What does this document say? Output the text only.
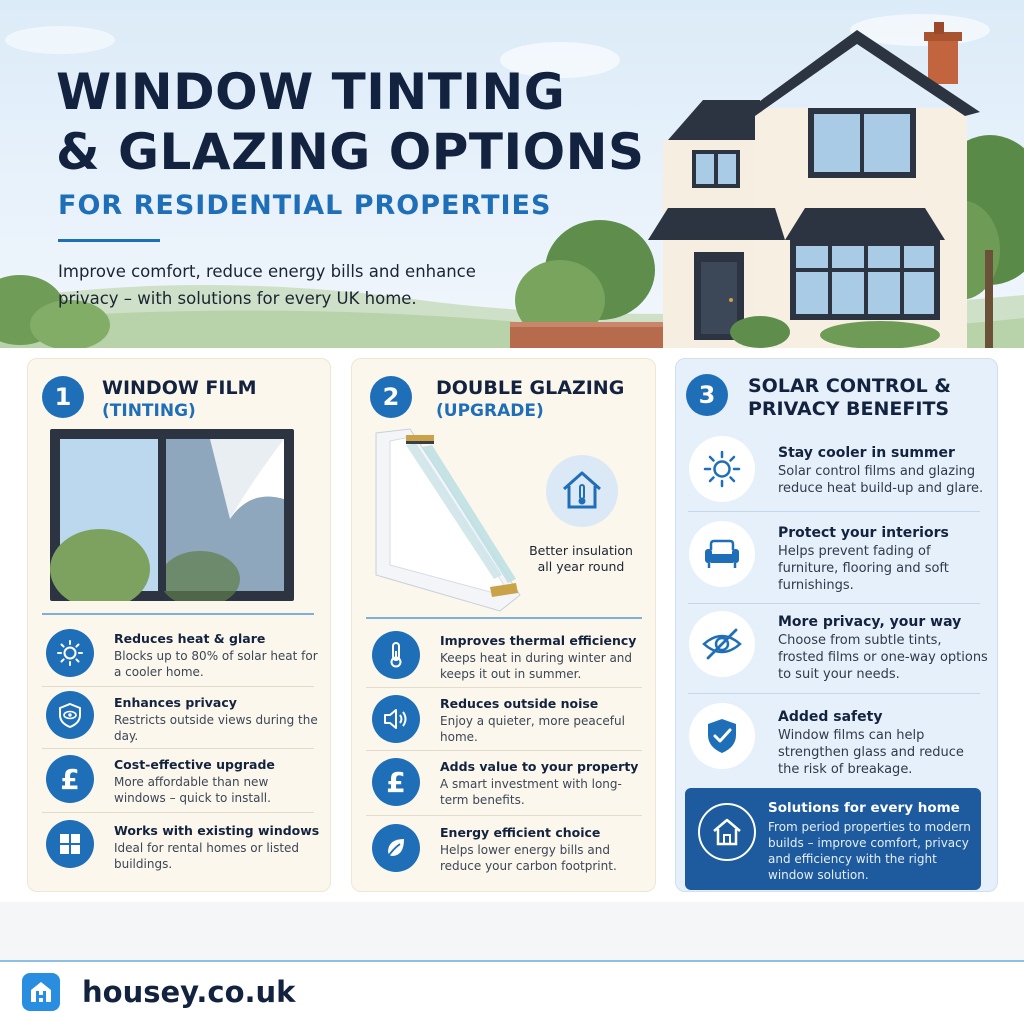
WINDOW TINTING
& GLAZING OPTIONS
FOR RESIDENTIAL PROPERTIES
Improve comfort, reduce energy bills and enhance privacy – with solutions for every UK home.
1	WINDOW FILM
(TINTING)
Reduces heat & glare
Blocks up to 80% of solar heat for a cooler home.
Enhances privacy
Restricts outside views during the day.
£	Cost-effective upgrade
More affordable than new windows – quick to install.
Works with existing windows
Ideal for rental homes or listed buildings.
2	DOUBLE GLAZING
(UPGRADE)
Better insulation all year round
Improves thermal efficiency
Keeps heat in during winter and keeps it out in summer.
Reduces outside noise
Enjoy a quieter, more peaceful home.
£	Adds value to your property
A smart investment with long-term benefits.
Energy efficient choice
Helps lower energy bills and reduce your carbon footprint.
3	SOLAR CONTROL &
PRIVACY BENEFITS
Stay cooler in summer
Solar control films and glazing reduce heat build-up and glare.
Protect your interiors
Helps prevent fading of furniture, flooring and soft furnishings.
More privacy, your way
Choose from subtle tints, frosted films or one-way options to suit your needs.
Added safety
Window films can help strengthen glass and reduce the risk of breakage.
Solutions for every home
From period properties to modern builds – improve comfort, privacy and efficiency with the right window solution.
housey.co.uk
